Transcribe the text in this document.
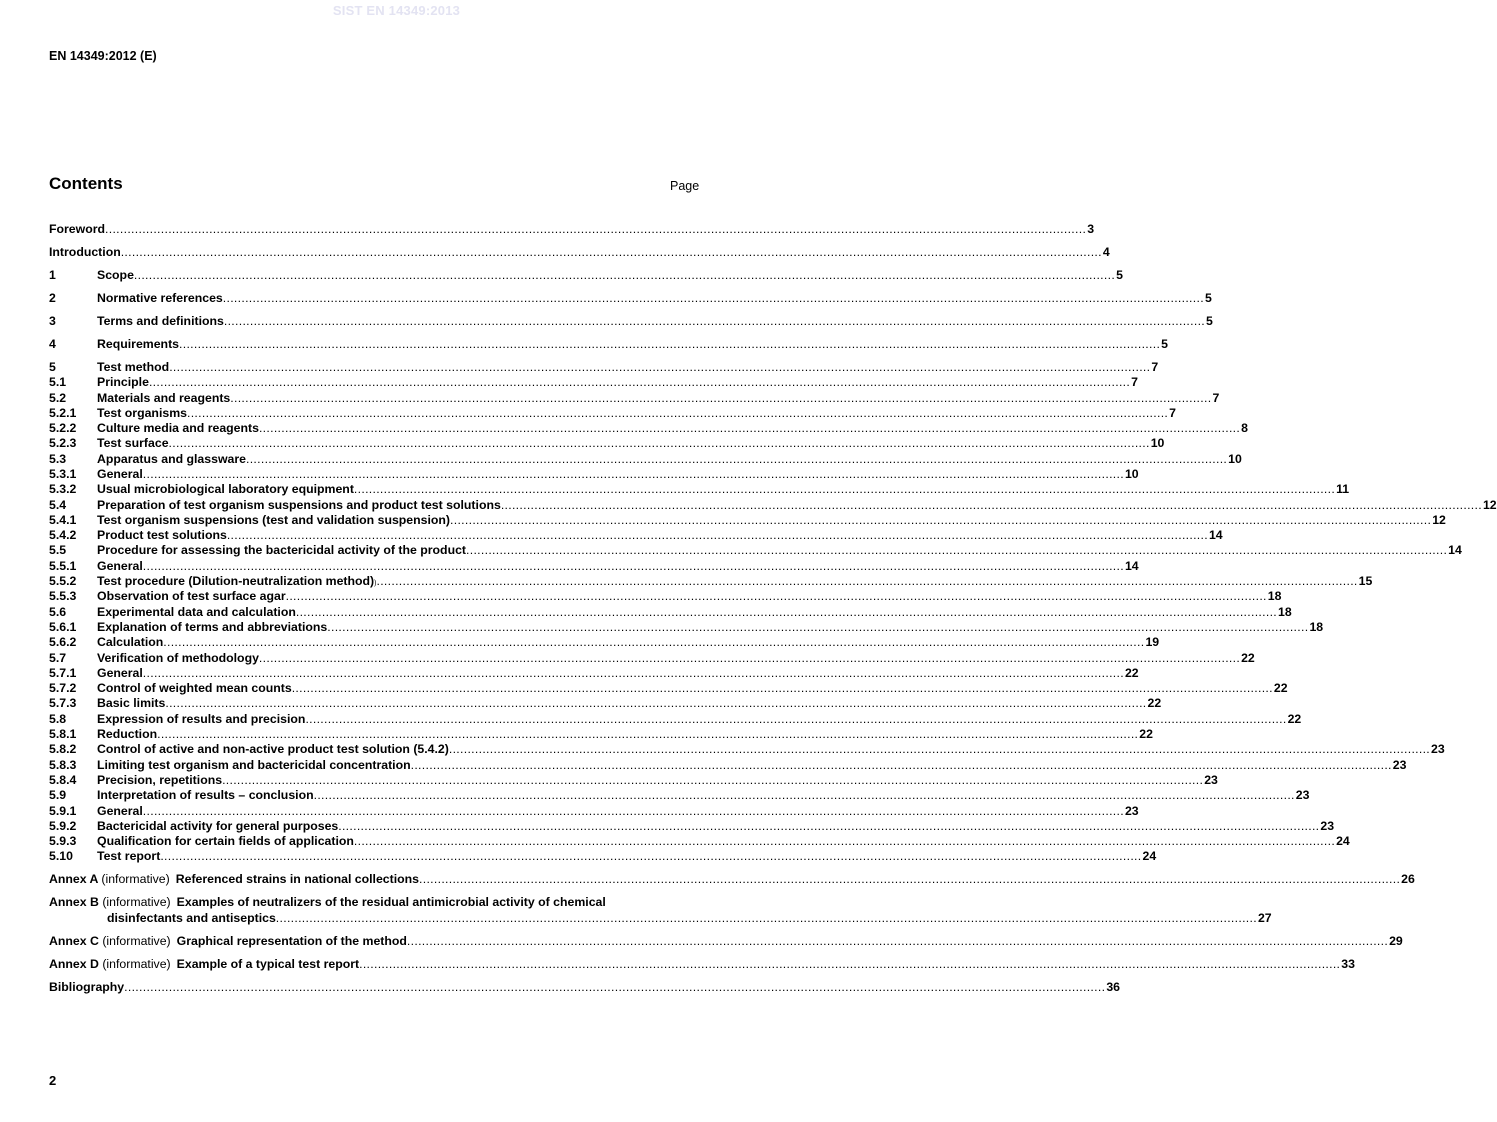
SIST EN 14349:2013
EN 14349:2012 (E)
Contents	Page
Foreword .....	3
Introduction .....	4
1	Scope .....	5
2	Normative references .....	5
3	Terms and definitions .....	5
4	Requirements .....	5
5	Test method .....	7
5.1	Principle .....	7
5.2	Materials and reagents .....	7
5.2.1	Test organisms .....	7
5.2.2	Culture media and reagents .....	8
5.2.3	Test surface .....	10
5.3	Apparatus and glassware .....	10
5.3.1	General .....	10
5.3.2	Usual microbiological laboratory equipment .....	11
5.4	Preparation of test organism suspensions and product test solutions .....	12
5.4.1	Test organism suspensions (test and validation suspension) .....	12
5.4.2	Product test solutions .....	14
5.5	Procedure for assessing the bactericidal activity of the product .....	14
5.5.1	General .....	14
5.5.2	Test procedure (Dilution-neutralization method) ) .....	15
5.5.3	Observation of test surface agar .....	18
5.6	Experimental data and calculation .....	18
5.6.1	Explanation of terms and abbreviations .....	18
5.6.2	Calculation .....	19
5.7	Verification of methodology .....	22
5.7.1	General .....	22
5.7.2	Control of weighted mean counts .....	22
5.7.3	Basic limits .....	22
5.8	Expression of results and precision .....	22
5.8.1	Reduction .....	22
5.8.2	Control of active and non-active product test solution (5.4.2) .....	23
5.8.3	Limiting test organism and bactericidal concentration .....	23
5.8.4	Precision, repetitions .....	23
5.9	Interpretation of results – conclusion .....	23
5.9.1	General .....	23
5.9.2	Bactericidal activity for general purposes .....	23
5.9.3	Qualification for certain fields of application .....	24
5.10	Test report .....	24
Annex A (informative) Referenced strains in national collections .....	26
Annex B (informative) Examples of neutralizers of the residual antimicrobial activity of chemical
disinfectants and antiseptics .....	27
Annex C (informative) Graphical representation of the method .....	29
Annex D (informative) Example of a typical test report .....	33
Bibliography .....	36
2
